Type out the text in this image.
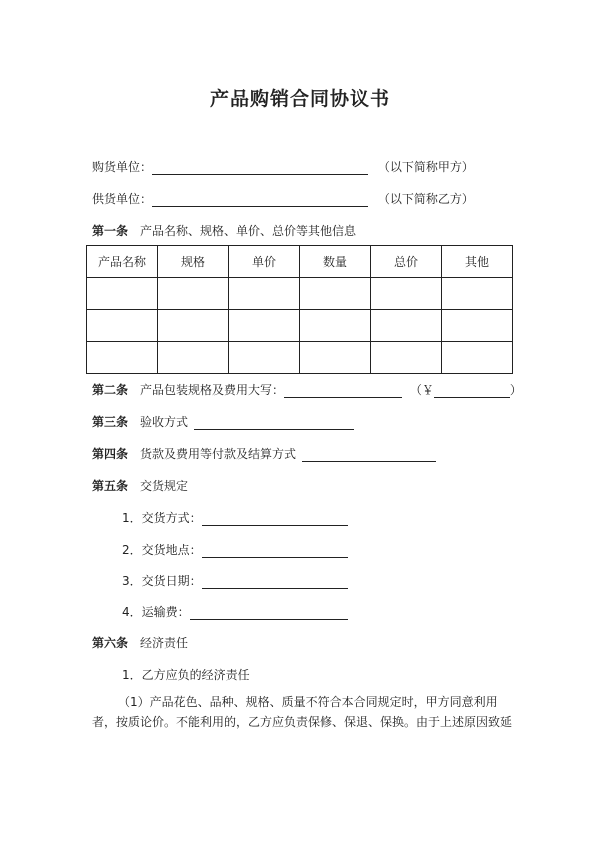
产品购销合同协议书
购货单位：	（以下简称甲方）
供货单位：	（以下简称乙方）
第一条 产品名称、规格、单价、总价等其他信息
产品名称	规格	单价	数量	总价	其他

第二条 产品包装规格及费用大写：	（￥	）
第三条 验收方式
第四条 货款及费用等付款及结算方式
第五条 交货规定
1．交货方式：
2．交货地点：
3．交货日期：
4．运输费：
第六条 经济责任
1．乙方应负的经济责任
（1）产品花色、品种、规格、质量不符合本合同规定时，甲方同意利用者，按质论价。不能利用的，乙方应负责保修、保退、保换。由于上述原因致延
